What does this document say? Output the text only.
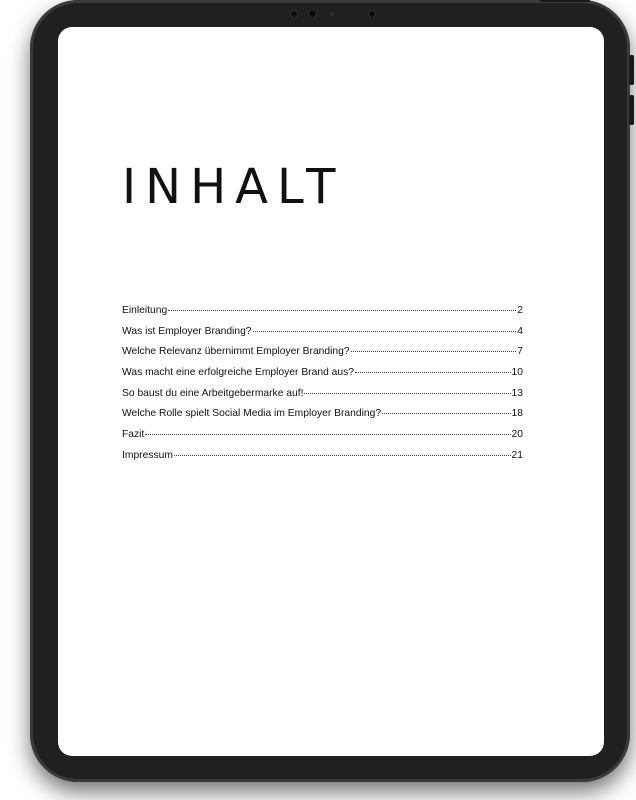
INHALT
Einleitung	2
Was ist Employer Branding?	4
Welche Relevanz übernimmt Employer Branding?	7
Was macht eine erfolgreiche Employer Brand aus?	10
So baust du eine Arbeitgebermarke auf!	13
Welche Rolle spielt Social Media im Employer Branding?	18
Fazit	20
Impressum	21
